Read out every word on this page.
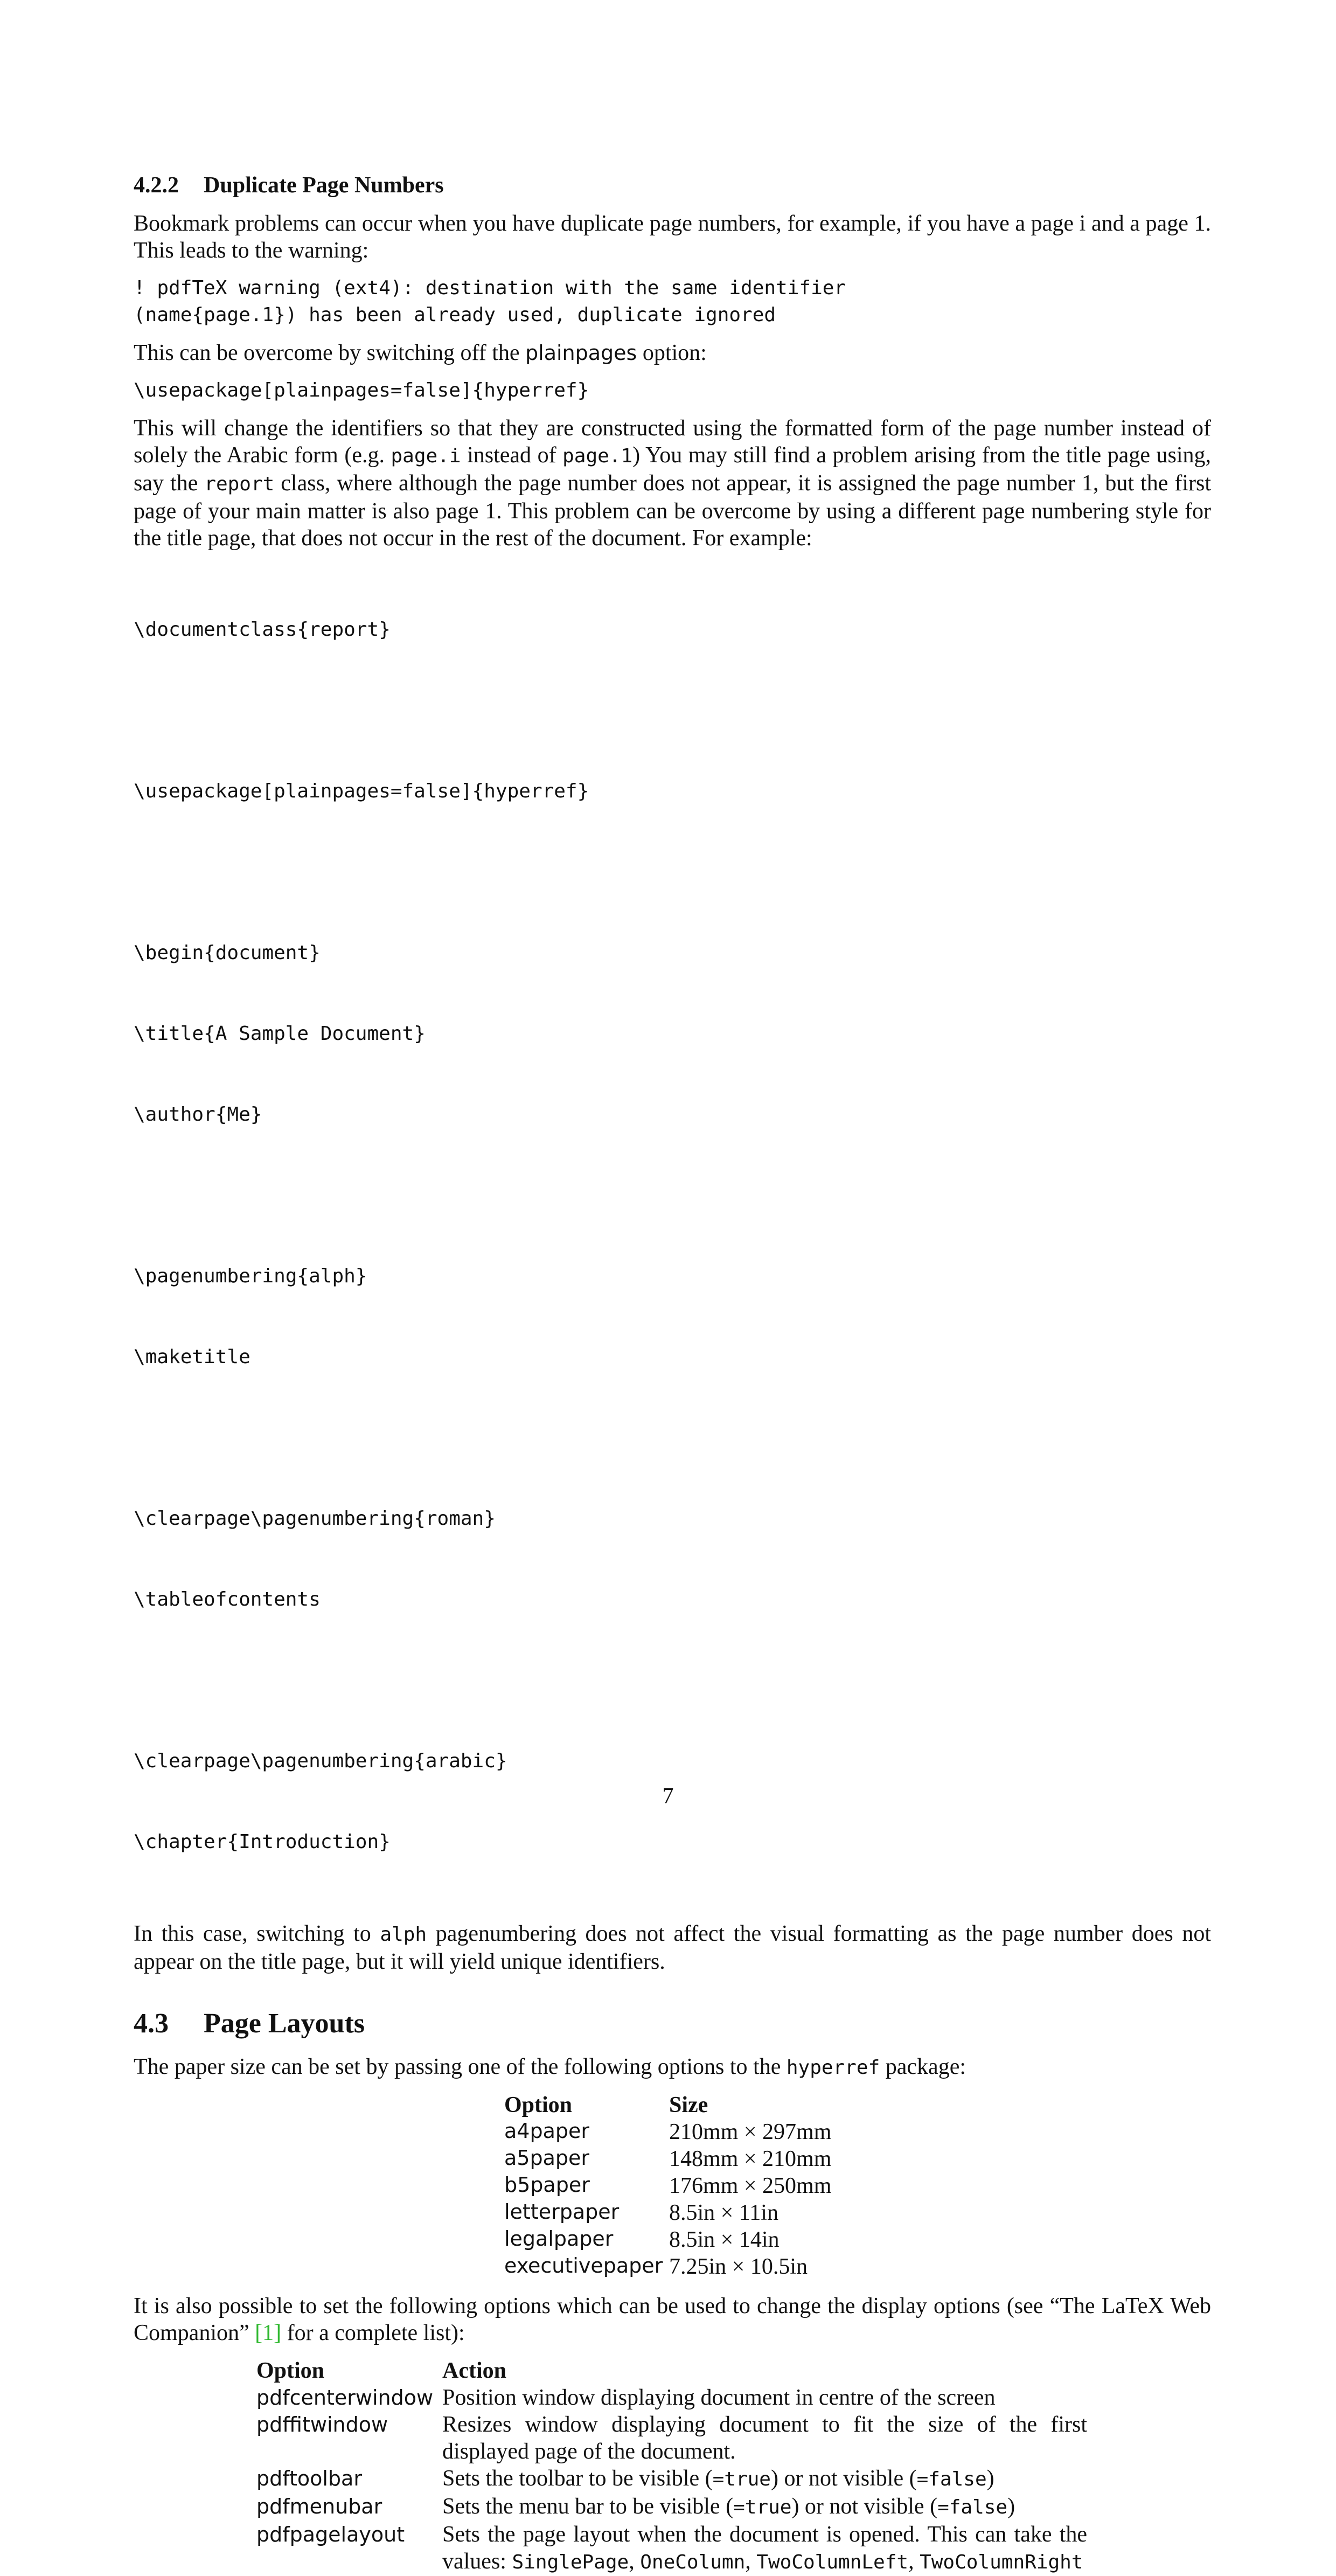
4.2.2 Duplicate Page Numbers

Bookmark problems can occur when you have duplicate page numbers, for example, if you have a page i and a page 1. This leads to the warning:

! pdfTeX warning (ext4): destination with the same identifier
(name{page.1}) has been already used, duplicate ignored

This can be overcome by switching off the plainpages option:

\usepackage[plainpages=false]{hyperref}

This will change the identifiers so that they are constructed using the formatted form of the page number instead of solely the Arabic form (e.g. page.i instead of page.1) You may still find a problem arising from the title page using, say the report class, where although the page number does not appear, it is assigned the page number 1, but the first page of your main matter is also page 1. This problem can be overcome by using a different page numbering style for the title page, that does not occur in the rest of the document. For example:

\documentclass{report}

\usepackage[plainpages=false]{hyperref}

\begin{document}

\title{A Sample Document}

\author{Me}

\pagenumbering{alph}

\maketitle

\clearpage\pagenumbering{roman}

\tableofcontents

\clearpage\pagenumbering{arabic}

\chapter{Introduction}

In this case, switching to alph pagenumbering does not affect the visual formatting as the page number does not appear on the title page, but it will yield unique identifiers.

4.3 Page Layouts

The paper size can be set by passing one of the following options to the hyperref package:

Option	Size
a4paper	210mm × 297mm
a5paper	148mm × 210mm
b5paper	176mm × 250mm
letterpaper	8.5in × 11in
legalpaper	8.5in × 14in
executivepaper	7.25in × 10.5in

It is also possible to set the following options which can be used to change the display options (see “The LaTeX Web Companion” [1] for a complete list):

Option	Action
pdfcenterwindow	Position window displaying document in centre of the screen
pdffitwindow	Resizes window displaying document to fit the size of the first displayed page of the document.
pdftoolbar	Sets the toolbar to be visible (=true) or not visible (=false)
pdfmenubar	Sets the menu bar to be visible (=true) or not visible (=false)
pdfpagelayout	Sets the page layout when the document is opened. This can take the values: SinglePage, OneColumn, TwoColumnLeft, TwoColumnRight
7
